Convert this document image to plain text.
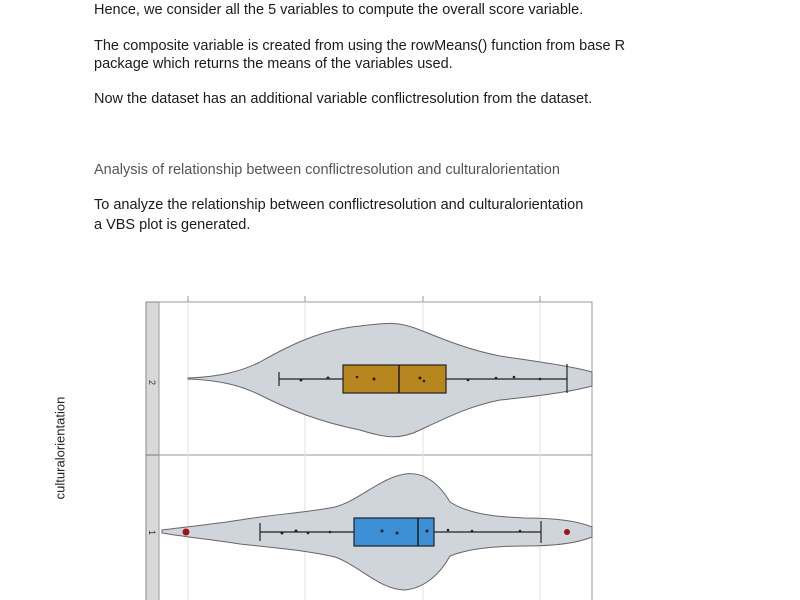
Hence, we consider all the 5 variables to compute the overall score variable.

The composite variable is created from using the rowMeans() function from base R

package which returns the means of the variables used.

Now the dataset has an additional variable conflictresolution from the dataset.

Analysis of relationship between conflictresolution and culturalorientation

To analyze the relationship between conflictresolution and culturalorientation

a VBS plot is generated.

culturalorientation
2
1
